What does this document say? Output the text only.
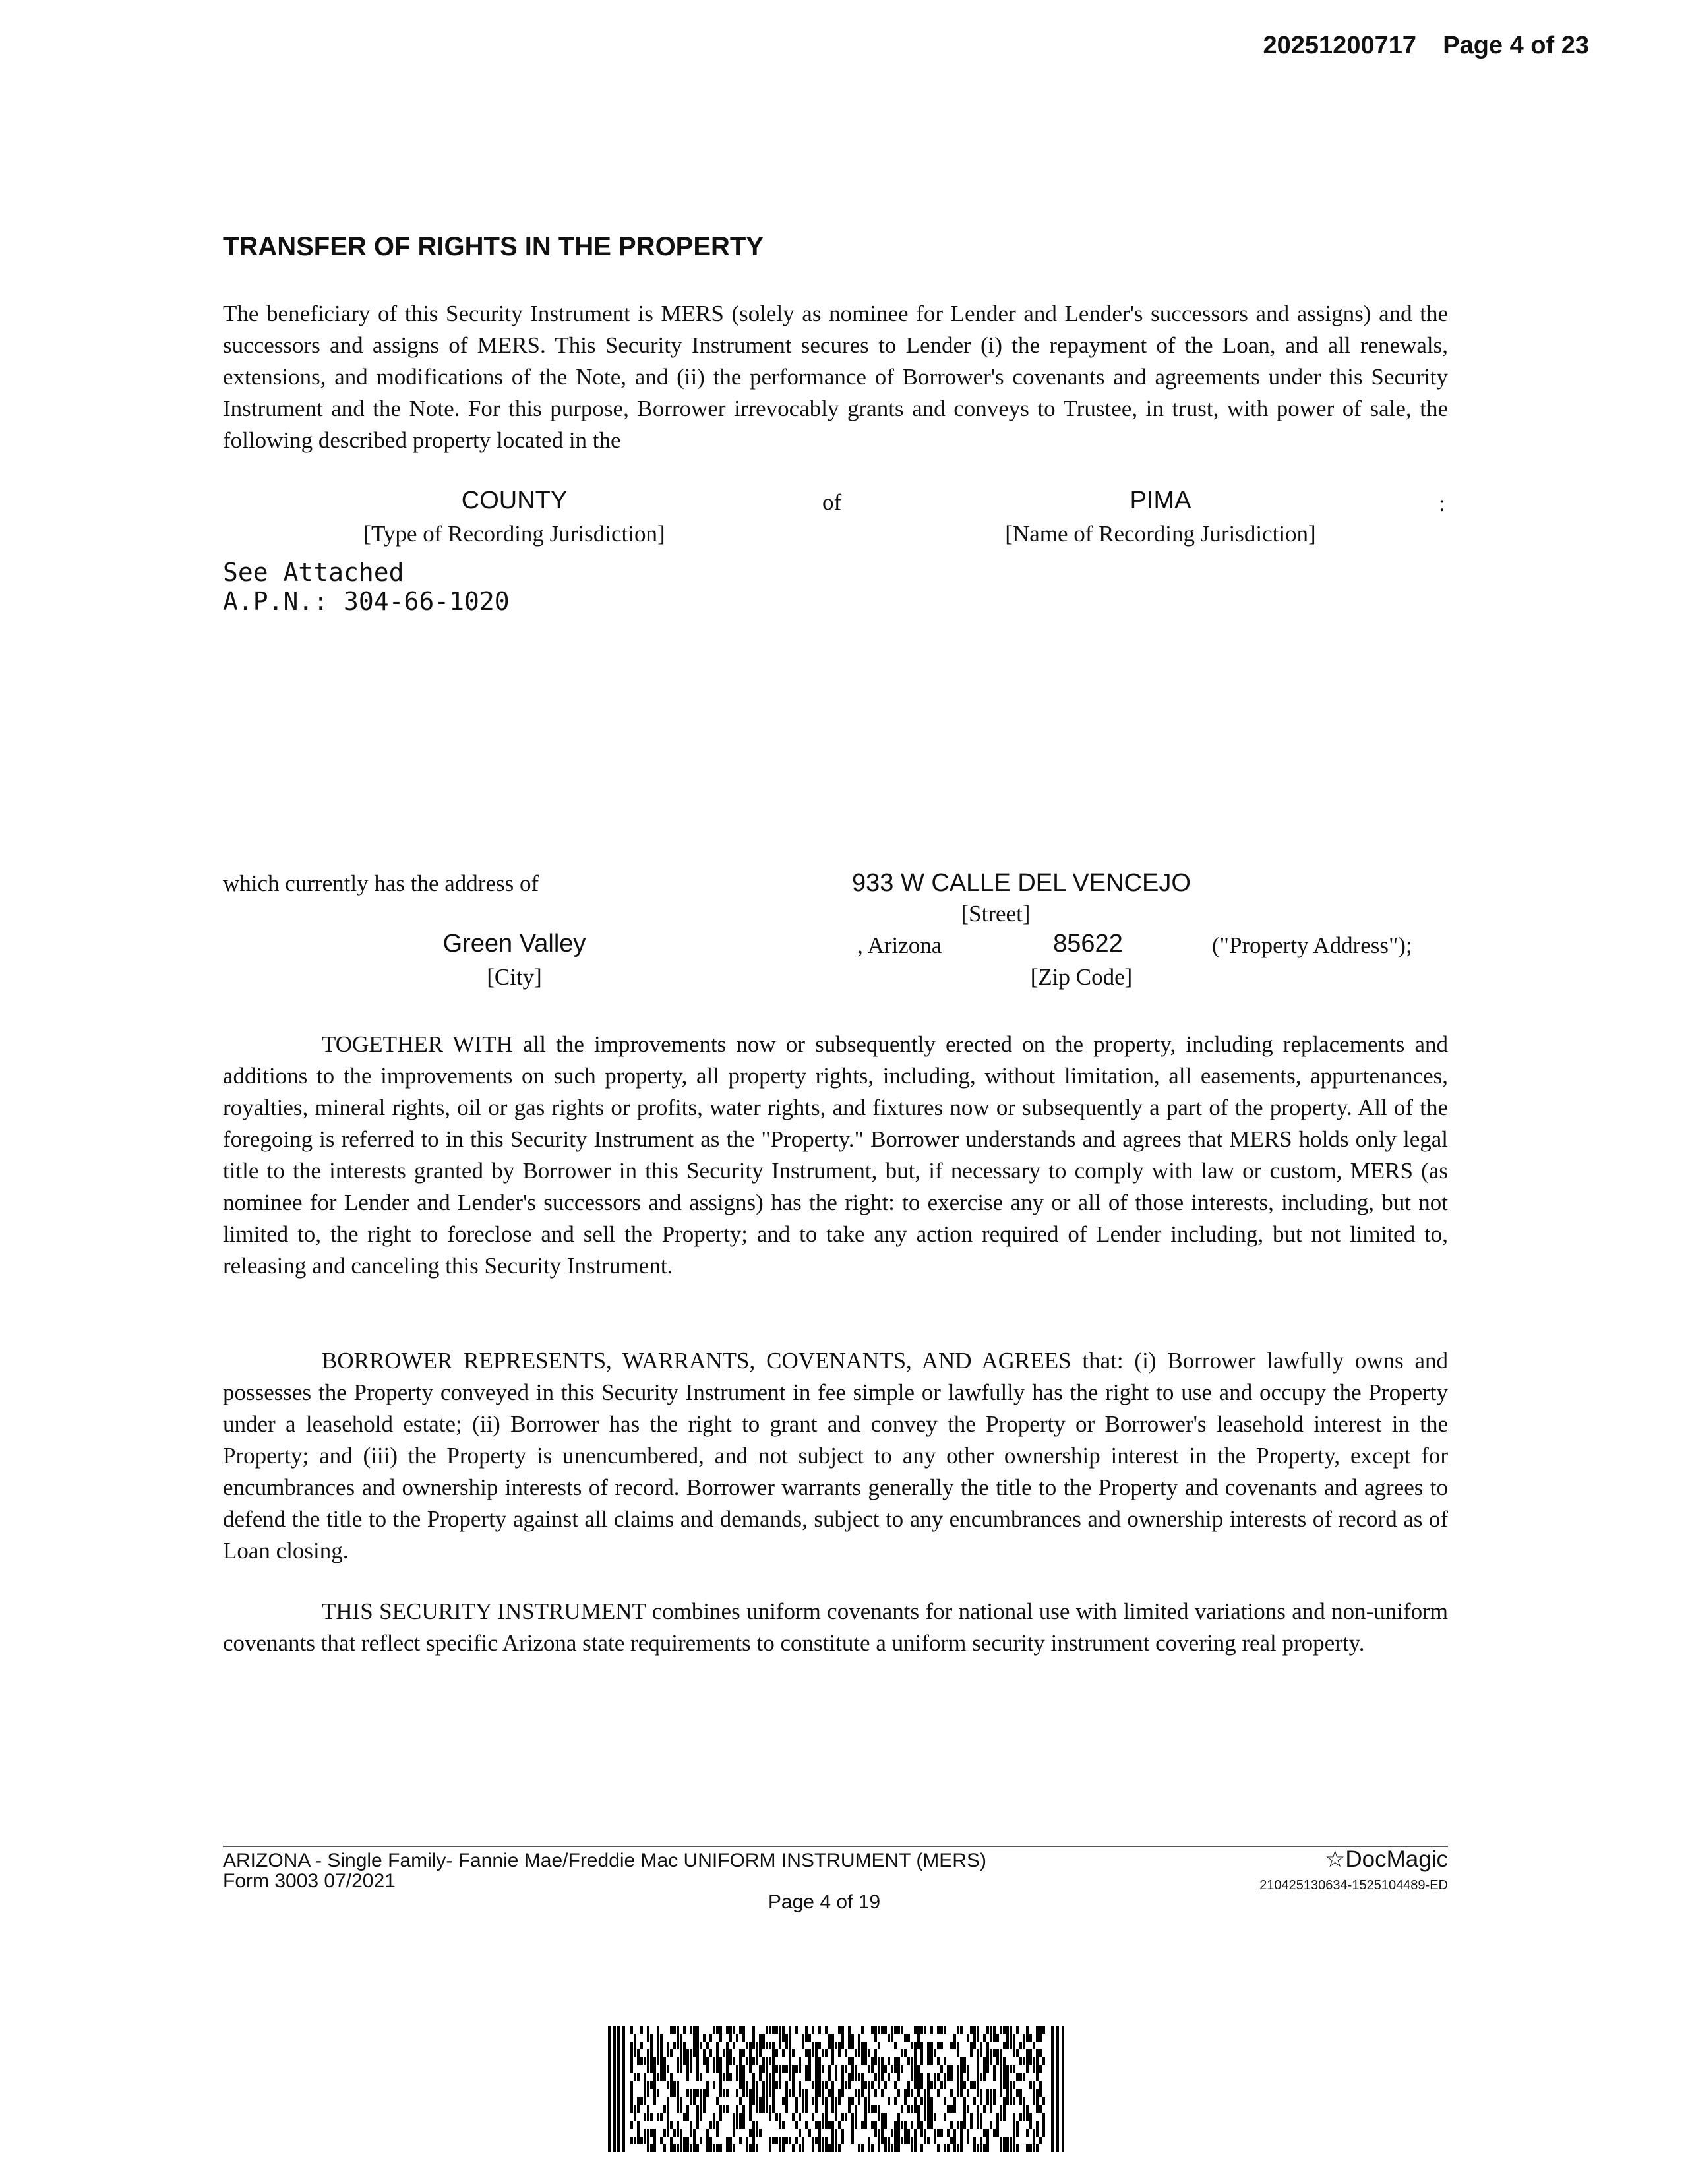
20251200717 Page 4 of 23
TRANSFER OF RIGHTS IN THE PROPERTY

The beneficiary of this Security Instrument is MERS (solely as nominee for Lender and Lender's successors and assigns) and the successors and assigns of MERS. This Security Instrument secures to Lender (i) the repayment of the Loan, and all renewals, extensions, and modifications of the Note, and (ii) the performance of Borrower's covenants and agreements under this Security Instrument and the Note. For this purpose, Borrower irrevocably grants and conveys to Trustee, in trust, with power of sale, the following described property located in the

COUNTY
[Type of Recording Jurisdiction]
of	PIMA
[Name of Recording Jurisdiction]
:
See Attached
A.P.N.: 304-66-1020
which currently has the address of	933 W CALLE DEL VENCEJO
[Street]
Green Valley
[City]
, Arizona	85622
[Zip Code]
("Property Address");

TOGETHER WITH all the improvements now or subsequently erected on the property, including replacements and additions to the improvements on such property, all property rights, including, without limitation, all easements, appurtenances, royalties, mineral rights, oil or gas rights or profits, water rights, and fixtures now or subsequently a part of the property. All of the foregoing is referred to in this Security Instrument as the "Property." Borrower understands and agrees that MERS holds only legal title to the interests granted by Borrower in this Security Instrument, but, if necessary to comply with law or custom, MERS (as nominee for Lender and Lender's successors and assigns) has the right: to exercise any or all of those interests, including, but not limited to, the right to foreclose and sell the Property; and to take any action required of Lender including, but not limited to, releasing and canceling this Security Instrument.

BORROWER REPRESENTS, WARRANTS, COVENANTS, AND AGREES that: (i) Borrower lawfully owns and possesses the Property conveyed in this Security Instrument in fee simple or lawfully has the right to use and occupy the Property under a leasehold estate; (ii) Borrower has the right to grant and convey the Property or Borrower's leasehold interest in the Property; and (iii) the Property is unencumbered, and not subject to any other ownership interest in the Property, except for encumbrances and ownership interests of record. Borrower warrants generally the title to the Property and covenants and agrees to defend the title to the Property against all claims and demands, subject to any encumbrances and ownership interests of record as of Loan closing.

THIS SECURITY INSTRUMENT combines uniform covenants for national use with limited variations and non-uniform covenants that reflect specific Arizona state requirements to constitute a uniform security instrument covering real property.

ARIZONA - Single Family- Fannie Mae/Freddie Mac UNIFORM INSTRUMENT (MERS)
Form 3003 07/2021
Page 4 of 19
☆DocMagic
210425130634-1525104489-ED
